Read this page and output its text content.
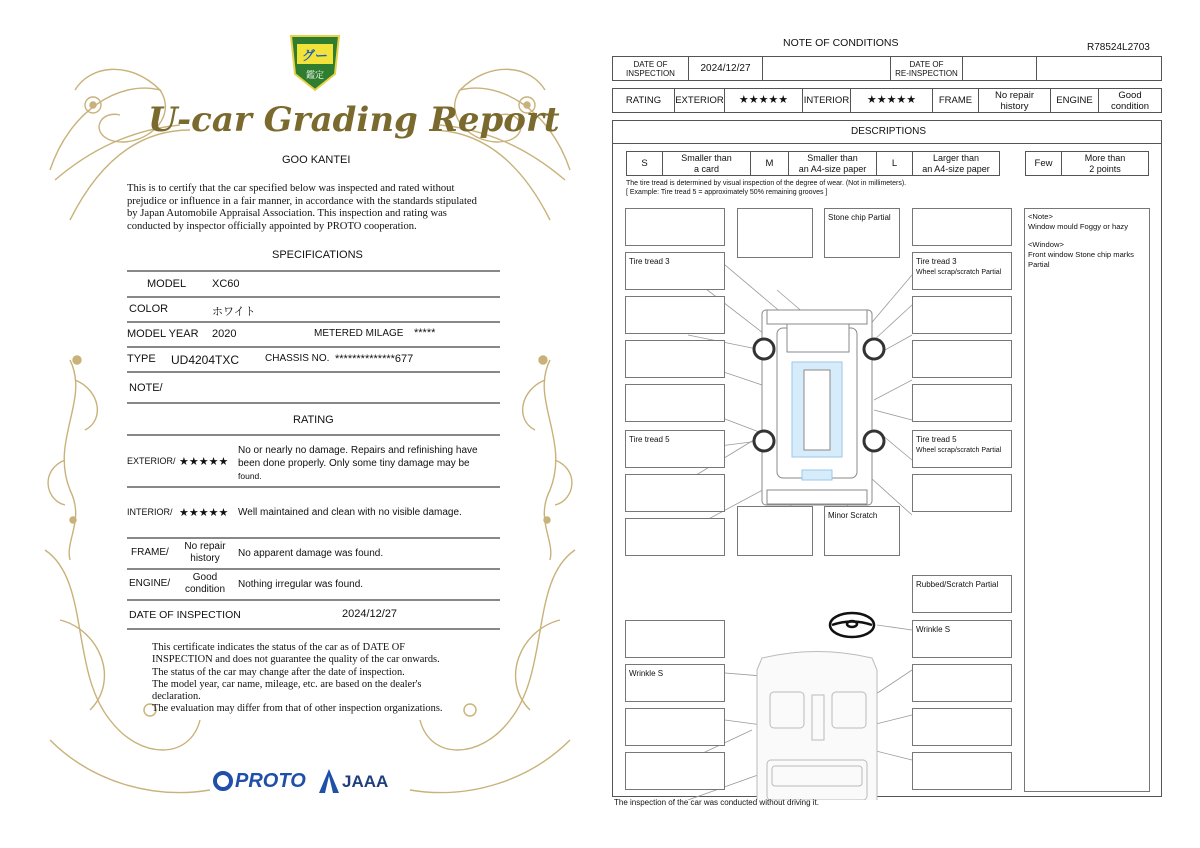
グー
鑑定
U-car Grading Report
GOO KANTEI
This is to certify that the car specified below was inspected and rated without
prejudice or influence in a fair manner, in accordance with the standards stipulated
by Japan Automobile Appraisal Association. This inspection and rating was
conducted by inspector officially appointed by PROTO cooperation.
SPECIFICATIONS
MODEL XC60
COLOR	ホワイト
MODEL YEAR 2020	METERED MILAGE *****
TYPE UD4204TXC	CHASSIS NO. **************677
NOTE/
RATING
EXTERIOR/ ★★★★★
No or nearly no damage. Repairs and refinishing have
been done properly. Only some tiny damage may be
found.
INTERIOR/ ★★★★★ Well maintained and clean with no visible damage.
FRAME/
No repair
history	No apparent damage was found.
ENGINE/
Good
condition	Nothing irregular was found.
DATE OF INSPECTION	2024/12/27
This certificate indicates the status of the car as of DATE OF
INSPECTION and does not guarantee the quality of the car onwards.
The status of the car may change after the date of inspection.
The model year, car name, mileage, etc. are based on the dealer's
declaration.
The evaluation may differ from that of other inspection organizations.
PROTO JAAA
NOTE OF CONDITIONS	R78524L2703
DATE OF
INSPECTION	2024/12/27	DATE OF
RE-INSPECTION
RATING	EXTERIOR	★★★★★	INTERIOR	★★★★★	FRAME	No repair
history	ENGINE	Good
condition
DESCRIPTIONS
S
Smaller than
a card	M
Smaller than
an A4-size paper	L
Larger than
an A4-size paper	Few
More than
2 points
The tire tread is determined by visual inspection of the degree of wear. (Not in millimeters).
[ Example: Tire tread 5 = approximately 50% remaining grooves ]
Tire tread 3
Tire tread 5
Wrinkle S
Stone chip Partial
Minor Scratch
Tire tread 3
Wheel scrap/scratch Partial
Tire tread 5
Wheel scrap/scratch Partial
Rubbed/Scratch Partial
Wrinkle S
<Note>
Window mould Foggy or hazy
<Window>
Front window Stone chip marks
Partial
The inspection of the car was conducted without driving it.
